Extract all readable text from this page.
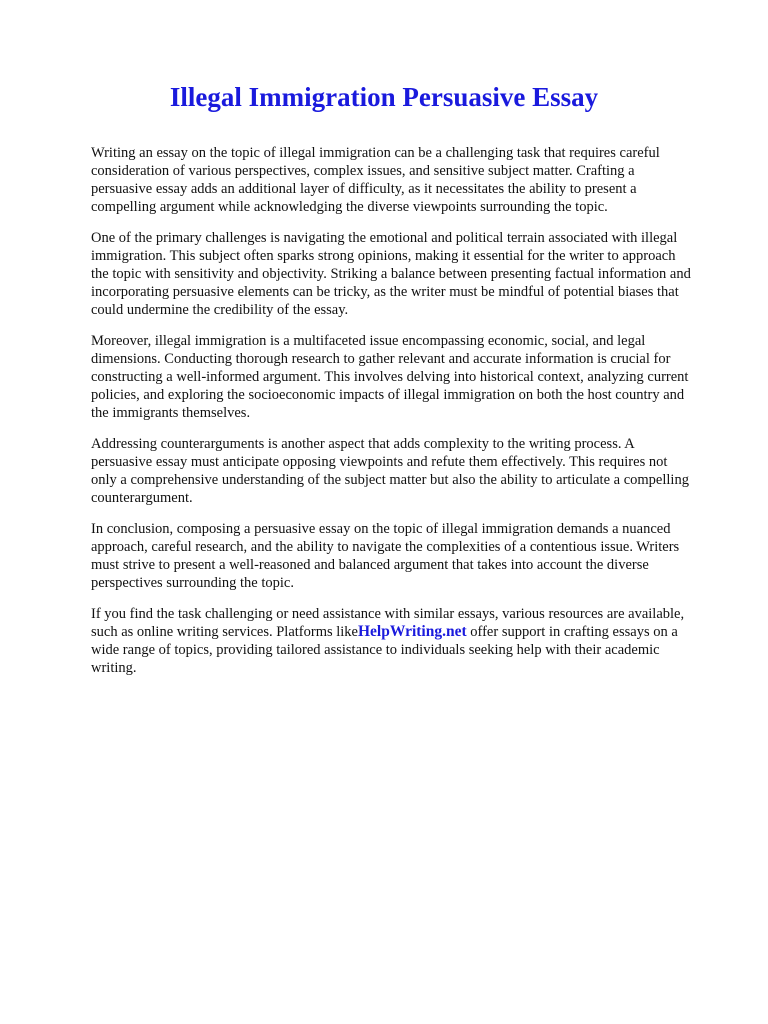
Illegal Immigration Persuasive Essay

Writing an essay on the topic of illegal immigration can be a challenging task that requires careful consideration of various perspectives, complex issues, and sensitive subject matter. Crafting a persuasive essay adds an additional layer of difficulty, as it necessitates the ability to present a compelling argument while acknowledging the diverse viewpoints surrounding the topic.

One of the primary challenges is navigating the emotional and political terrain associated with illegal immigration. This subject often sparks strong opinions, making it essential for the writer to approach the topic with sensitivity and objectivity. Striking a balance between presenting factual information and incorporating persuasive elements can be tricky, as the writer must be mindful of potential biases that could undermine the credibility of the essay.

Moreover, illegal immigration is a multifaceted issue encompassing economic, social, and legal dimensions. Conducting thorough research to gather relevant and accurate information is crucial for constructing a well-informed argument. This involves delving into historical context, analyzing current policies, and exploring the socioeconomic impacts of illegal immigration on both the host country and the immigrants themselves.

Addressing counterarguments is another aspect that adds complexity to the writing process. A persuasive essay must anticipate opposing viewpoints and refute them effectively. This requires not only a comprehensive understanding of the subject matter but also the ability to articulate a compelling counterargument.

In conclusion, composing a persuasive essay on the topic of illegal immigration demands a nuanced approach, careful research, and the ability to navigate the complexities of a contentious issue. Writers must strive to present a well-reasoned and balanced argument that takes into account the diverse perspectives surrounding the topic.

If you find the task challenging or need assistance with similar essays, various resources are available, such as online writing services. Platforms likeHelpWriting.net offer support in crafting essays on a wide range of topics, providing tailored assistance to individuals seeking help with their academic writing.
